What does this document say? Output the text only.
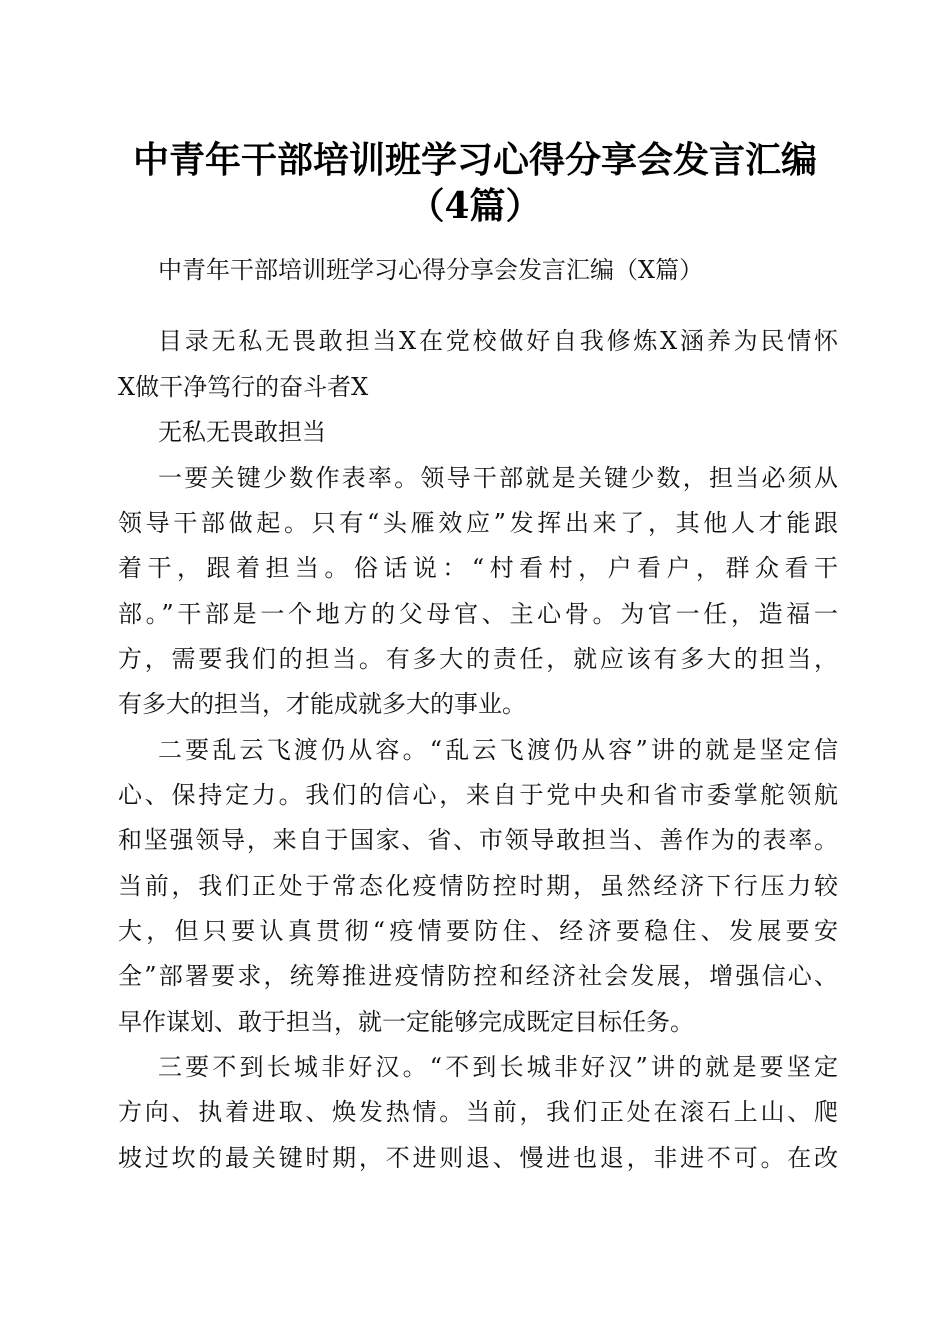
中青年干部培训班学习心得分享会发言汇编
（4篇）
中青年干部培训班学习心得分享会发言汇编（X篇）
目录无私无畏敢担当X在党校做好自我修炼X涵养为民情怀
X做干净笃行的奋斗者X
无私无畏敢担当
一要关键少数作表率。领导干部就是关键少数，担当必须从
领导干部做起。只有“头雁效应”发挥出来了，其他人才能跟
着干，跟着担当。俗话说：“村看村，户看户，群众看干
部。”干部是一个地方的父母官、主心骨。为官一任，造福一
方，需要我们的担当。有多大的责任，就应该有多大的担当，
有多大的担当，才能成就多大的事业。
二要乱云飞渡仍从容。“乱云飞渡仍从容”讲的就是坚定信
心、保持定力。我们的信心，来自于党中央和省市委掌舵领航
和坚强领导，来自于国家、省、市领导敢担当、善作为的表率。
当前，我们正处于常态化疫情防控时期，虽然经济下行压力较
大，但只要认真贯彻“疫情要防住、经济要稳住、发展要安
全”部署要求，统筹推进疫情防控和经济社会发展，增强信心、
早作谋划、敢于担当，就一定能够完成既定目标任务。
三要不到长城非好汉。“不到长城非好汉”讲的就是要坚定
方向、执着进取、焕发热情。当前，我们正处在滚石上山、爬
坡过坎的最关键时期，不进则退、慢进也退，非进不可。在改
